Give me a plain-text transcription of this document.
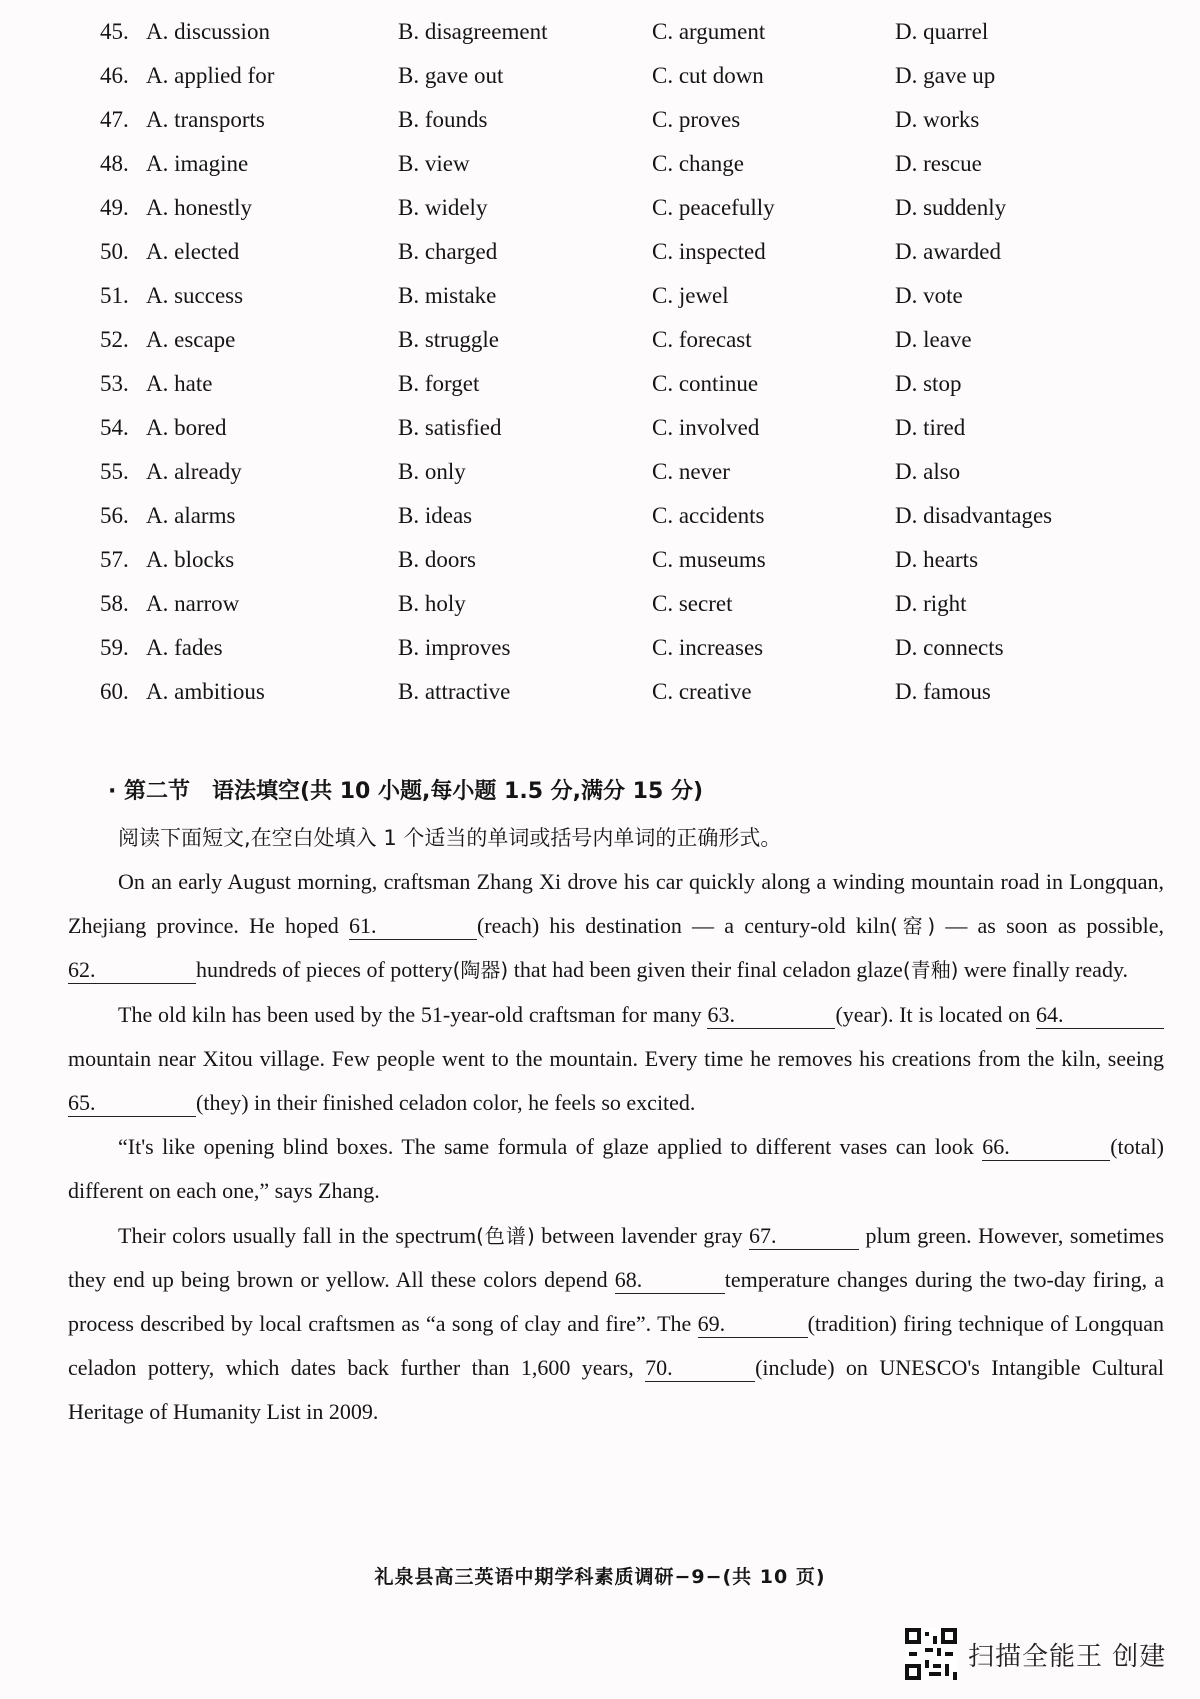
45. A. discussion	B. disagreement	C. argument	D. quarrel
46. A. applied for	B. gave out	C. cut down	D. gave up
47. A. transports	B. founds	C. proves	D. works
48. A. imagine	B. view	C. change	D. rescue
49. A. honestly	B. widely	C. peacefully	D. suddenly
50. A. elected	B. charged	C. inspected	D. awarded
51. A. success	B. mistake	C. jewel	D. vote
52. A. escape	B. struggle	C. forecast	D. leave
53. A. hate	B. forget	C. continue	D. stop
54. A. bored	B. satisfied	C. involved	D. tired
55. A. already	B. only	C. never	D. also
56. A. alarms	B. ideas	C. accidents	D. disadvantages
57. A. blocks	B. doors	C. museums	D. hearts
58. A. narrow	B. holy	C. secret	D. right
59. A. fades	B. improves	C. increases	D. connects
60. A. ambitious	B. attractive	C. creative	D. famous
· 第二节　语法填空(共 10 小题,每小题 1.5 分,满分 15 分)
阅读下面短文,在空白处填入 1 个适当的单词或括号内单词的正确形式。

On an early August morning, craftsman Zhang Xi drove his car quickly along a winding mountain road in Longquan, Zhejiang province. He hoped 61.	(reach) his destination — a century-old kiln(窑) — as soon as possible, 62.	hundreds of pieces of pottery(陶器) that had been given their final celadon glaze(青釉) were finally ready.

The old kiln has been used by the 51-year-old craftsman for many 63.	(year). It is located on 64.mountain near Xitou village. Few people went to the mountain. Every time he removes his creations from the kiln, seeing 65.	(they) in their finished celadon color, he feels so excited.

“It's like opening blind boxes. The same formula of glaze applied to different vases can look 66.	(total) different on each one,” says Zhang.

Their colors usually fall in the spectrum(色谱) between lavender gray 67.	plum green. However, sometimes they end up being brown or yellow. All these colors depend 68.	temperature changes during the two-day firing, a process described by local craftsmen as “a song of clay and fire”. The 69.	(tradition) firing technique of Longquan celadon pottery, which dates back further than 1,600 years, 70.	(include) on UNESCO's Intangible Cultural Heritage of Humanity List in 2009.

礼泉县高三英语中期学科素质调研−9−(共 10 页)
扫描全能王 创建
